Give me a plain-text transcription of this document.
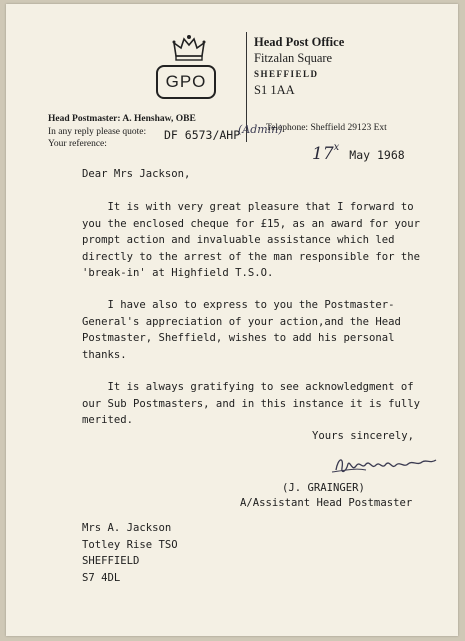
GPO
Head Post Office
Fitzalan Square
SHEFFIELD
S1 1AA
Head Postmaster: A. Henshaw, OBE
In any reply please quote: DF 6573/AHP
(Admin)
Telephone: Sheffield 29123 Ext
Your reference:	17$^x$May 1968
Dear Mrs Jackson,
It is with very great pleasure that I forward to
you the enclosed cheque for £15, as an award for your
prompt action and invaluable assistance which led
directly to the arrest of the man responsible for the
'break-in' at Highfield T.S.O.
I have also to express to you the Postmaster-
General's appreciation of your action,and the Head
Postmaster, Sheffield, wishes to add his personal
thanks.
It is always gratifying to see acknowledgment of
our Sub Postmasters, and in this instance it is fully
merited.
Yours sincerely,
(J. GRAINGER)
A/Assistant Head Postmaster
Mrs A. Jackson
Totley Rise TSO
SHEFFIELD
S7 4DL
